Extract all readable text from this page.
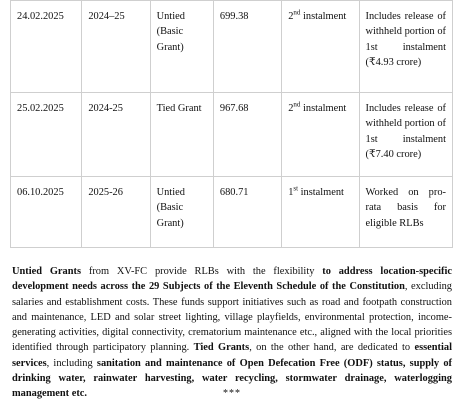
24.02.2025	2024–25	Untied (Basic Grant)	699.38	2nd instalment	Includes release of withheld portion of 1st instalment (₹4.93 crore)
25.02.2025	2024-25	Tied Grant	967.68	2nd instalment	Includes release of withheld portion of 1st instalment (₹7.40 crore)
06.10.2025	2025-26	Untied (Basic Grant)	680.71	1st instalment	Worked on pro-rata basis for eligible RLBs

Untied Grants from XV-FC provide RLBs with the flexibility to address location-specific development needs across the 29 Subjects of the Eleventh Schedule of the Constitution, excluding salaries and establishment costs. These funds support initiatives such as road and footpath construction and maintenance, LED and solar street lighting, village playfields, environmental protection, income-generating activities, digital connectivity, crematorium maintenance etc., aligned with the local priorities identified through participatory planning. Tied Grants, on the other hand, are dedicated to essential services, including sanitation and maintenance of Open Defecation Free (ODF) status, supply of drinking water, rainwater harvesting, water recycling, stormwater drainage, waterlogging management etc.	***
